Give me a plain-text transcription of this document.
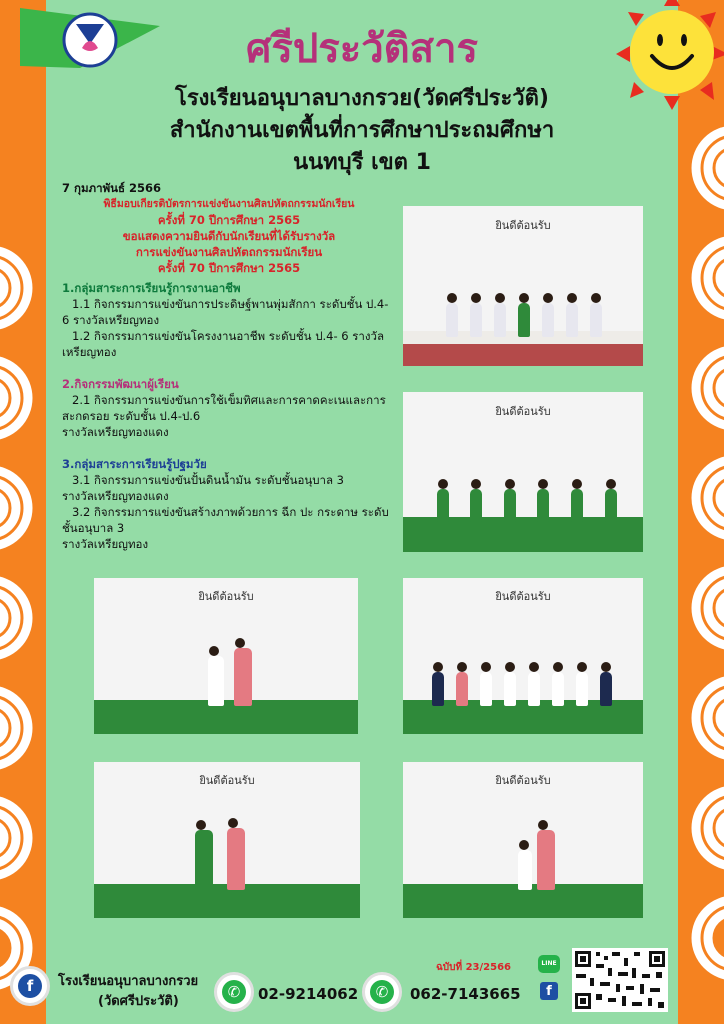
ศรีประวัติสาร
โรงเรียนอนุบาลบางกรวย(วัดศรีประวัติ)
สำนักงานเขตพื้นที่การศึกษาประถมศึกษา
นนทบุรี เขต 1
7 กุมภาพันธ์ 2566
พิธีมอบเกียรติบัตรการแข่งขันงานศิลปหัตถกรรมนักเรียน
ครั้งที่ 70 ปีการศึกษา 2565
ขอแสดงความยินดีกับนักเรียนที่ได้รับรางวัล
การแข่งขันงานศิลปหัตถกรรมนักเรียน
ครั้งที่ 70 ปีการศึกษา 2565
1.กลุ่มสาระการเรียนรู้การงานอาชีพ
1.1 กิจกรรมการแข่งขันการประดิษฐ์พานพุ่มสักกา ระดับชั้น ป.4- 6 รางวัลเหรียญทอง
1.2 กิจกรรมการแข่งขันโครงงานอาชีพ ระดับชั้น ป.4- 6 รางวัลเหรียญทอง
2.กิจกรรมพัฒนาผู้เรียน
2.1 กิจกรรมการแข่งขันการใช้เข็มทิศและการคาดคะเนและการสะกดรอย ระดับชั้น ป.4-ป.6
รางวัลเหรียญทองแดง
3.กลุ่มสาระการเรียนรู้ปฐมวัย
3.1 กิจกรรมการแข่งขันปั้นดินน้ำมัน ระดับชั้นอนุบาล 3
รางวัลเหรียญทองแดง
3.2 กิจกรรมการแข่งขันสร้างภาพด้วยการ ฉีก ปะ กระดาษ ระดับชั้นอนุบาล 3
รางวัลเหรียญทอง
ยินดีต้อนรับ
ยินดีต้อนรับ
ยินดีต้อนรับ	ยินดีต้อนรับ
ยินดีต้อนรับ	ยินดีต้อนรับ
f	โรงเรียนอนุบาลบางกรวย
(วัดศรีประวัติ)
✆	02-9214062	✆	062-7143665
ฉบับที่ 23/2566	LINE
f
